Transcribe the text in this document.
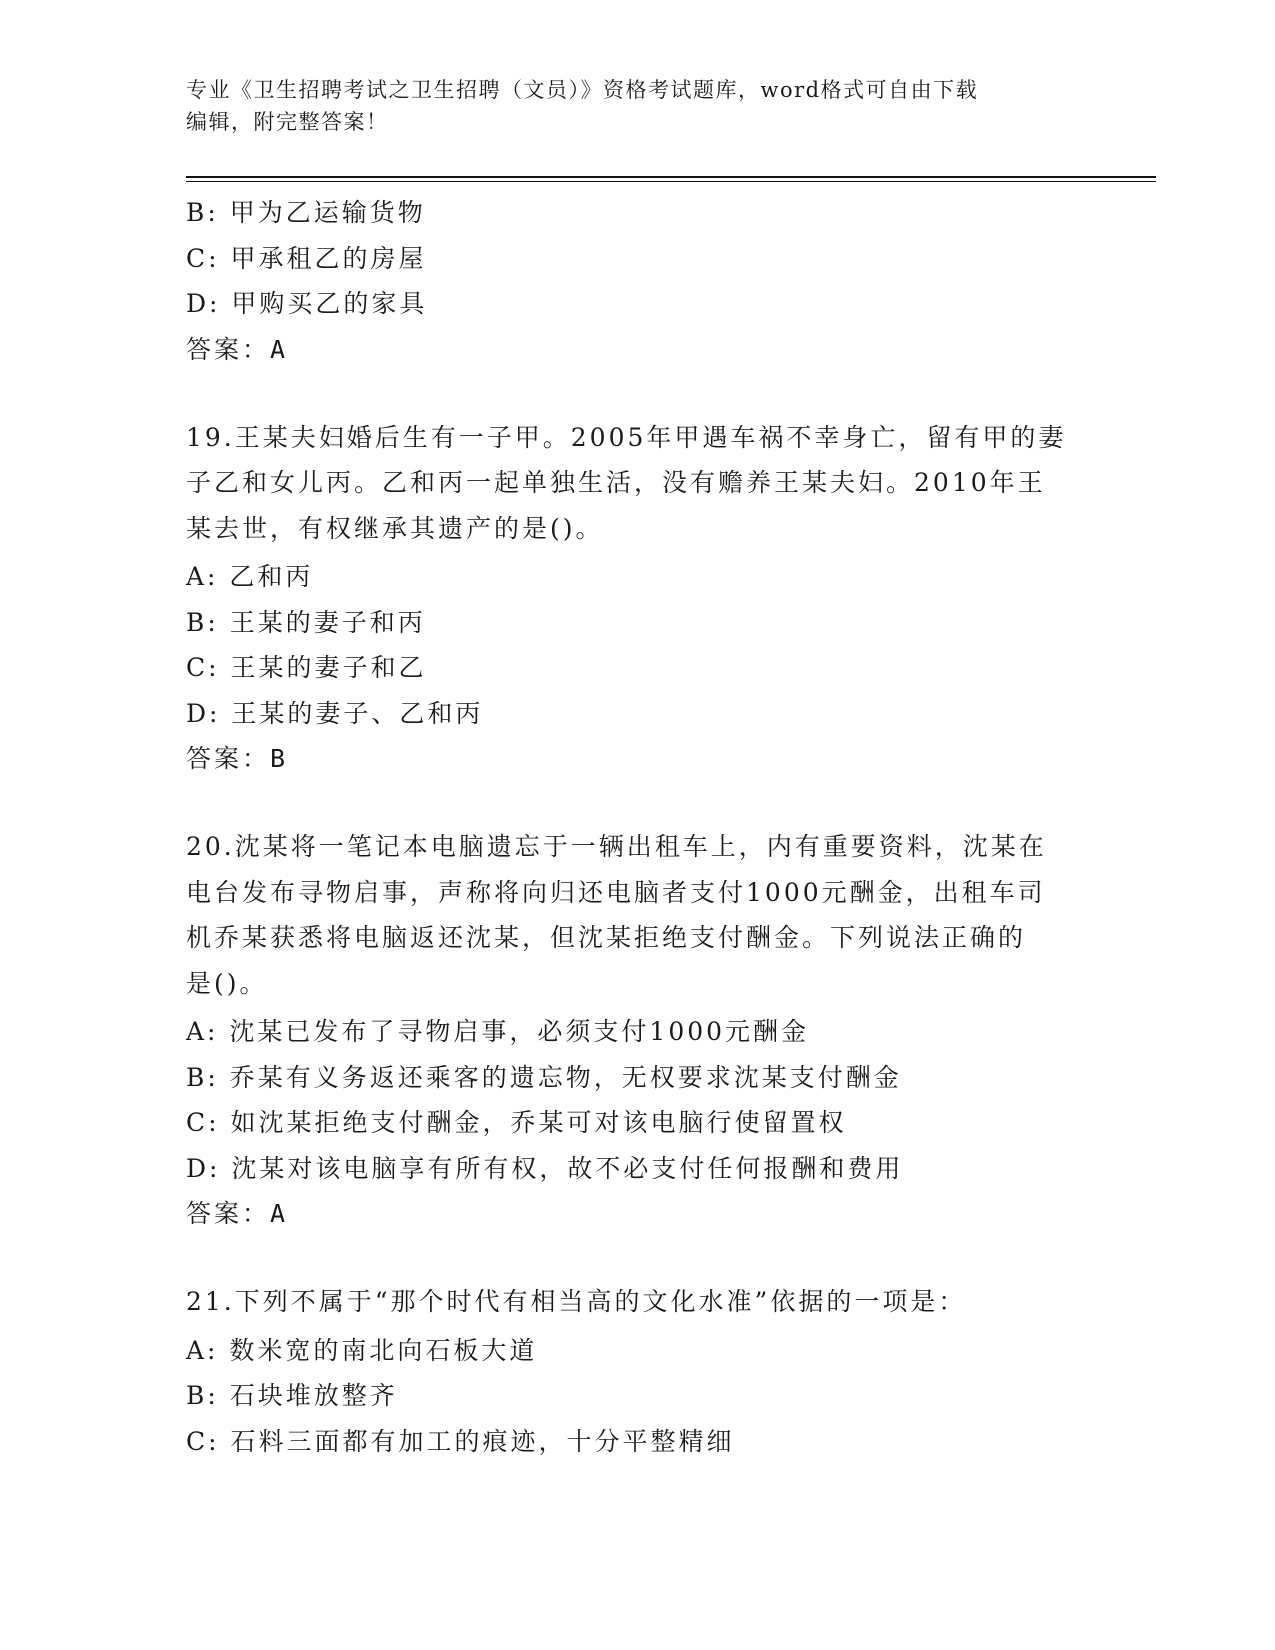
专业《卫生招聘考试之卫生招聘（文员）》资格考试题库，word格式可自由下载
编辑，附完整答案！
B: 甲为乙运输货物
C: 甲承租乙的房屋
D: 甲购买乙的家具
答案：A
19.王某夫妇婚后生有一子甲。2005年甲遇车祸不幸身亡，留有甲的妻
子乙和女儿丙。乙和丙一起单独生活，没有赡养王某夫妇。2010年王
某去世，有权继承其遗产的是()。
A: 乙和丙
B: 王某的妻子和丙
C: 王某的妻子和乙
D: 王某的妻子、乙和丙
答案：B
20.沈某将一笔记本电脑遗忘于一辆出租车上，内有重要资料，沈某在
电台发布寻物启事，声称将向归还电脑者支付1000元酬金，出租车司
机乔某获悉将电脑返还沈某，但沈某拒绝支付酬金。下列说法正确的
是()。
A: 沈某已发布了寻物启事，必须支付1000元酬金
B: 乔某有义务返还乘客的遗忘物，无权要求沈某支付酬金
C: 如沈某拒绝支付酬金，乔某可对该电脑行使留置权
D: 沈某对该电脑享有所有权，故不必支付任何报酬和费用
答案：A
21.下列不属于“那个时代有相当高的文化水准”依据的一项是：
A: 数米宽的南北向石板大道
B: 石块堆放整齐
C: 石料三面都有加工的痕迹，十分平整精细
